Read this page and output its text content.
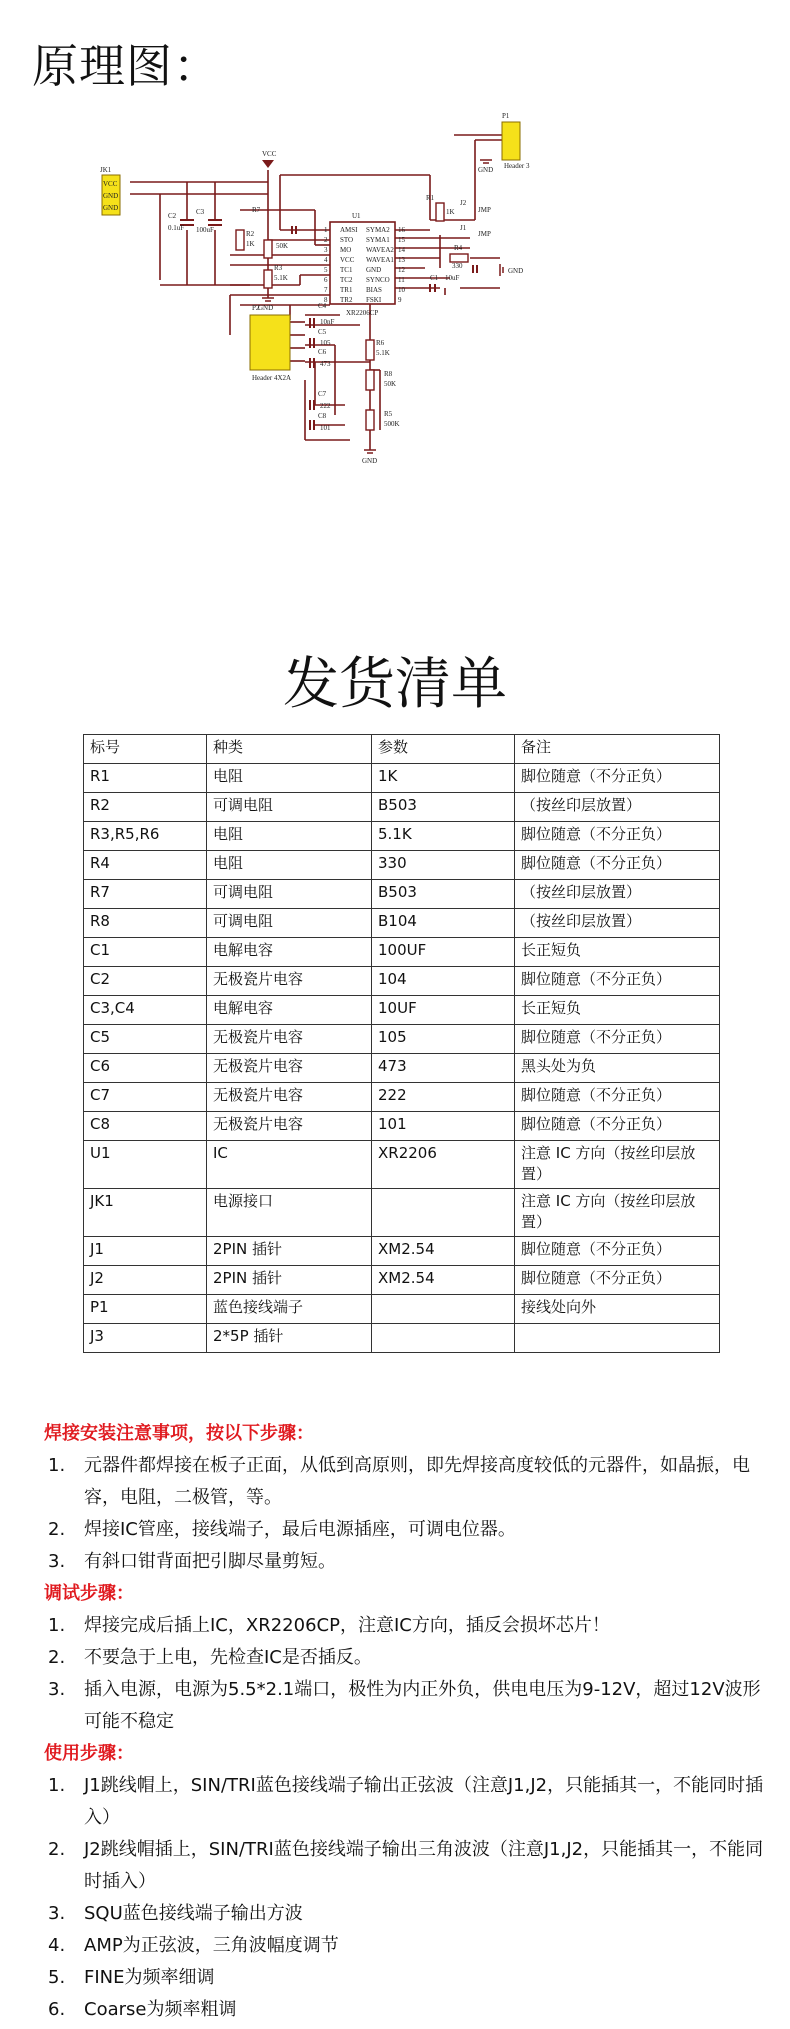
原理图：
VCC
JK1
VCC
GND
GND
C2
0.1uF
C3
100uF	R2
1K
R7
50K
R3
5.1K
GND
U1
AMSI
STO
MO
VCC
TC1
TC2
TR1
TR2
SYMA2
SYMA1
WAVEA2
WAVEA1
GND
SYNCO
BIAS
FSKI
1
2
3
4
5
6
7
8
16
15
14
13
12
11
10
9
XR2206CP
P1
Header 3
GND
J2
JMP
J1
JMP
R1
1K
R4
330
C1 10uF
GND
P2
Header 4X2A
C4
10nF
C5
105
C6
473
C7
222
C8
101
R6
5.1K
R8
50K
R5
500K
GND
发货清单
标号	种类	参数	备注
R1	电阻	1K	脚位随意（不分正负）
R2	可调电阻	B503	（按丝印层放置）
R3,R5,R6	电阻	5.1K	脚位随意（不分正负）
R4	电阻	330	脚位随意（不分正负）
R7	可调电阻	B503	（按丝印层放置）
R8	可调电阻	B104	（按丝印层放置）
C1	电解电容	100UF	长正短负
C2	无极瓷片电容	104	脚位随意（不分正负）
C3,C4	电解电容	10UF	长正短负
C5	无极瓷片电容	105	脚位随意（不分正负）
C6	无极瓷片电容	473	黑头处为负
C7	无极瓷片电容	222	脚位随意（不分正负）
C8	无极瓷片电容	101	脚位随意（不分正负）
U1	IC	XR2206	注意 IC 方向（按丝印层放置）
JK1	电源接口		注意 IC 方向（按丝印层放置）
J1	2PIN 插针	XM2.54	脚位随意（不分正负）
J2	2PIN 插针	XM2.54	脚位随意（不分正负）
P1	蓝色接线端子		接线处向外
J3	2*5P 插针		
焊接安装注意事项，按以下步骤：
1. 元器件都焊接在板子正面，从低到高原则，即先焊接高度较低的元器件，如晶振，电容，电阻，二极管，等。
2. 焊接IC管座，接线端子，最后电源插座，可调电位器。
3. 有斜口钳背面把引脚尽量剪短。
调试步骤：
1. 焊接完成后插上IC，XR2206CP，注意IC方向，插反会损坏芯片！
2. 不要急于上电，先检查IC是否插反。
3. 插入电源，电源为5.5*2.1端口，极性为内正外负，供电电压为9-12V，超过12V波形可能不稳定
使用步骤：
1. J1跳线帽上，SIN/TRI蓝色接线端子输出正弦波（注意J1,J2，只能插其一，不能同时插入）
2. J2跳线帽插上，SIN/TRI蓝色接线端子输出三角波波（注意J1,J2，只能插其一，不能同时插入）
3. SQU蓝色接线端子输出方波
4. AMP为正弦波，三角波幅度调节
5. FINE为频率细调
6. Coarse为频率粗调
